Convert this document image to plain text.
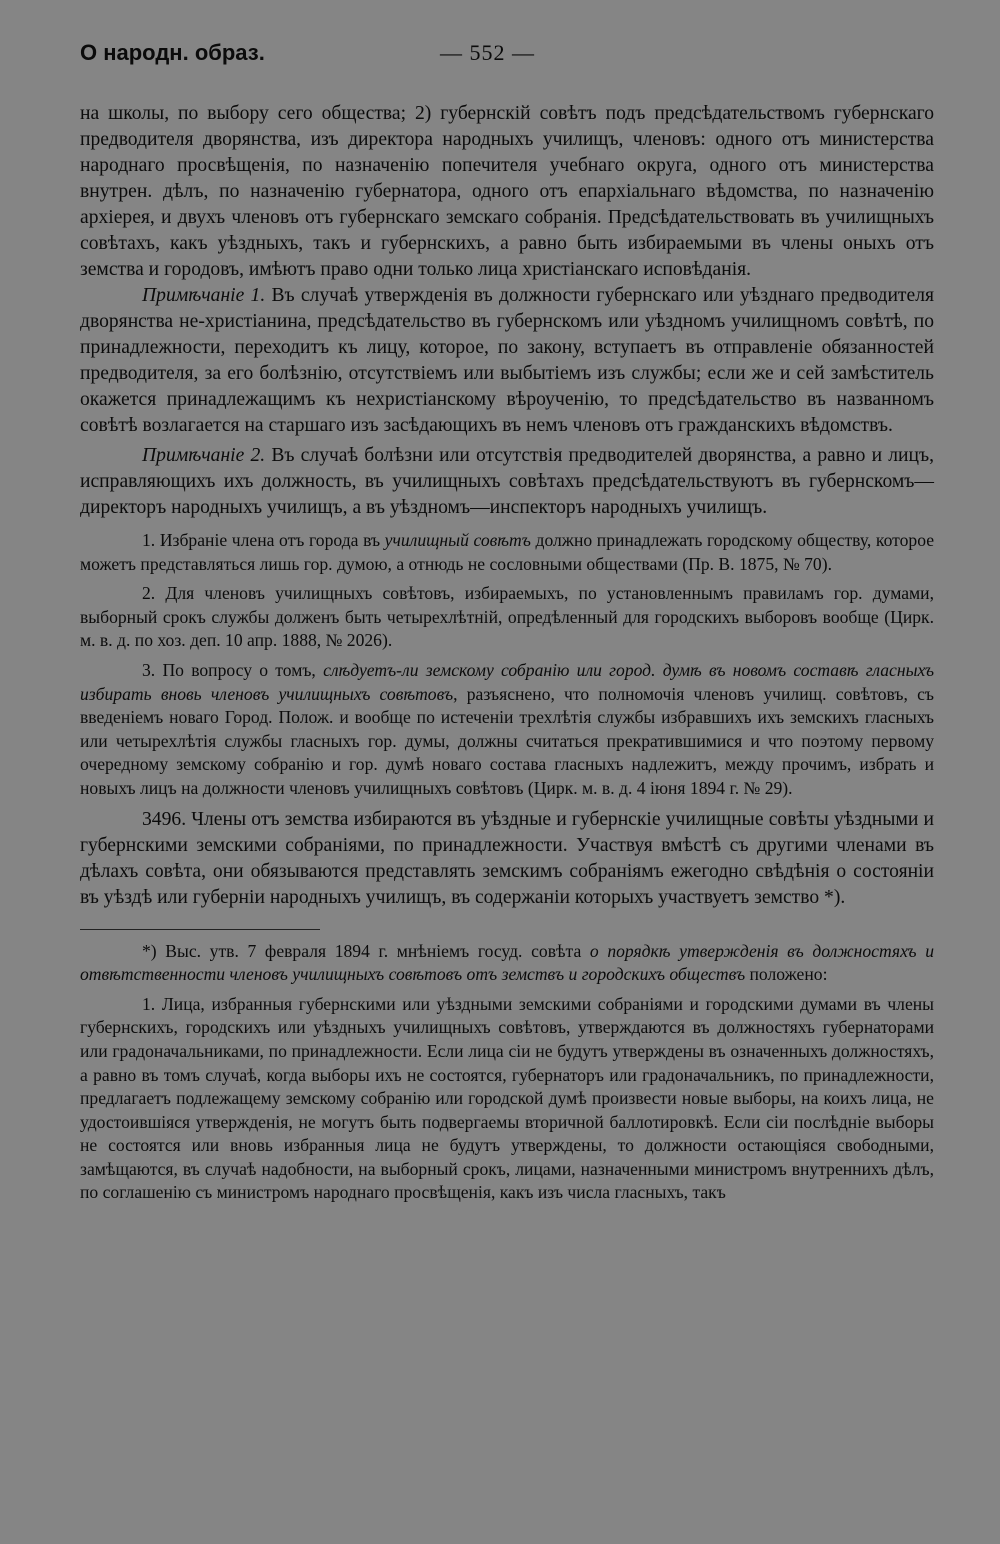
О народн. образ.	— 552 —

на школы, по выбору сего общества; 2) губернскій совѣтъ подъ предсѣдательствомъ губернскаго предводителя дворянства, изъ директора народныхъ училищъ, членовъ: одного отъ министерства народнаго просвѣщенія, по назначенію попечителя учебнаго округа, одного отъ министерства внутрен. дѣлъ, по назначенію губернатора, одного отъ епархіальнаго вѣдомства, по назначенію архіерея, и двухъ членовъ отъ губернскаго земскаго собранія. Предсѣдательствовать въ училищныхъ совѣтахъ, какъ уѣздныхъ, такъ и губернскихъ, а равно быть избираемыми въ члены оныхъ отъ земства и городовъ, имѣютъ право одни только лица христіанскаго исповѣданія.

Примѣчаніе 1. Въ случаѣ утвержденія въ должности губернскаго или уѣзднаго предводителя дворянства не-христіанина, предсѣдательство въ губернскомъ или уѣздномъ училищномъ совѣтѣ, по принадлежности, переходитъ къ лицу, которое, по закону, вступаетъ въ отправленіе обязанностей предводителя, за его болѣзнію, отсутствіемъ или выбытіемъ изъ службы; если же и сей замѣститель окажется принадлежащимъ къ нехристіанскому вѣроученію, то предсѣдательство въ названномъ совѣтѣ возлагается на старшаго изъ засѣдающихъ въ немъ членовъ отъ гражданскихъ вѣдомствъ.

Примѣчаніе 2. Въ случаѣ болѣзни или отсутствія предводителей дворянства, а равно и лицъ, исправляющихъ ихъ должность, въ училищныхъ совѣтахъ предсѣдательствуютъ въ губернскомъ—директоръ народныхъ училищъ, а въ уѣздномъ—инспекторъ народныхъ училищъ.

1. Избраніе члена отъ города въ училищный совѣтъ должно принадлежать городскому обществу, которое можетъ представляться лишь гор. думою, а отнюдь не сословными обществами (Пр. В. 1875, № 70).

2. Для членовъ училищныхъ совѣтовъ, избираемыхъ, по установленнымъ правиламъ гор. думами, выборный срокъ службы долженъ быть четырехлѣтній, опредѣленный для городскихъ выборовъ вообще (Цирк. м. в. д. по хоз. деп. 10 апр. 1888, № 2026).

3. По вопросу о томъ, слѣдуетъ-ли земскому собранію или город. думѣ въ новомъ составѣ гласныхъ избирать вновь членовъ училищныхъ совѣтовъ, разъяснено, что полномочія членовъ училищ. совѣтовъ, съ введеніемъ новаго Город. Полож. и вообще по истеченіи трехлѣтія службы избравшихъ ихъ земскихъ гласныхъ или четырехлѣтія службы гласныхъ гор. думы, должны считаться прекратившимися и что поэтому первому очередному земскому собранію и гор. думѣ новаго состава гласныхъ надлежитъ, между прочимъ, избрать и новыхъ лицъ на должности членовъ училищныхъ совѣтовъ (Цирк. м. в. д. 4 іюня 1894 г. № 29).

3496. Члены отъ земства избираются въ уѣздные и губернскіе училищные совѣты уѣздными и губернскими земскими собраніями, по принадлежности. Участвуя вмѣстѣ съ другими членами въ дѣлахъ совѣта, они обязываются представлять земскимъ собраніямъ ежегодно свѣдѣнія о состояніи въ уѣздѣ или губерніи народныхъ училищъ, въ содержаніи которыхъ участвуетъ земство *).

*) Выс. утв. 7 февраля 1894 г. мнѣніемъ госуд. совѣта о порядкѣ утвержденія въ должностяхъ и отвѣтственности членовъ училищныхъ совѣтовъ отъ земствъ и городскихъ обществъ положено:

1. Лица, избранныя губернскими или уѣздными земскими собраніями и городскими думами въ члены губернскихъ, городскихъ или уѣздныхъ училищныхъ совѣтовъ, утверждаются въ должностяхъ губернаторами или градоначальниками, по принадлежности. Если лица сіи не будутъ утверждены въ означенныхъ должностяхъ, а равно въ томъ случаѣ, когда выборы ихъ не состоятся, губернаторъ или градоначальникъ, по принадлежности, предлагаетъ подлежащему земскому собранію или городской думѣ произвести новые выборы, на коихъ лица, не удостоившіяся утвержденія, не могутъ быть подвергаемы вторичной баллотировкѣ. Если сіи послѣдніе выборы не состоятся или вновь избранныя лица не будутъ утверждены, то должности остающіяся свободными, замѣщаются, въ случаѣ надобности, на выборный срокъ, лицами, назначенными министромъ внутреннихъ дѣлъ, по соглашенію съ министромъ народнаго просвѣщенія, какъ изъ числа гласныхъ, такъ
